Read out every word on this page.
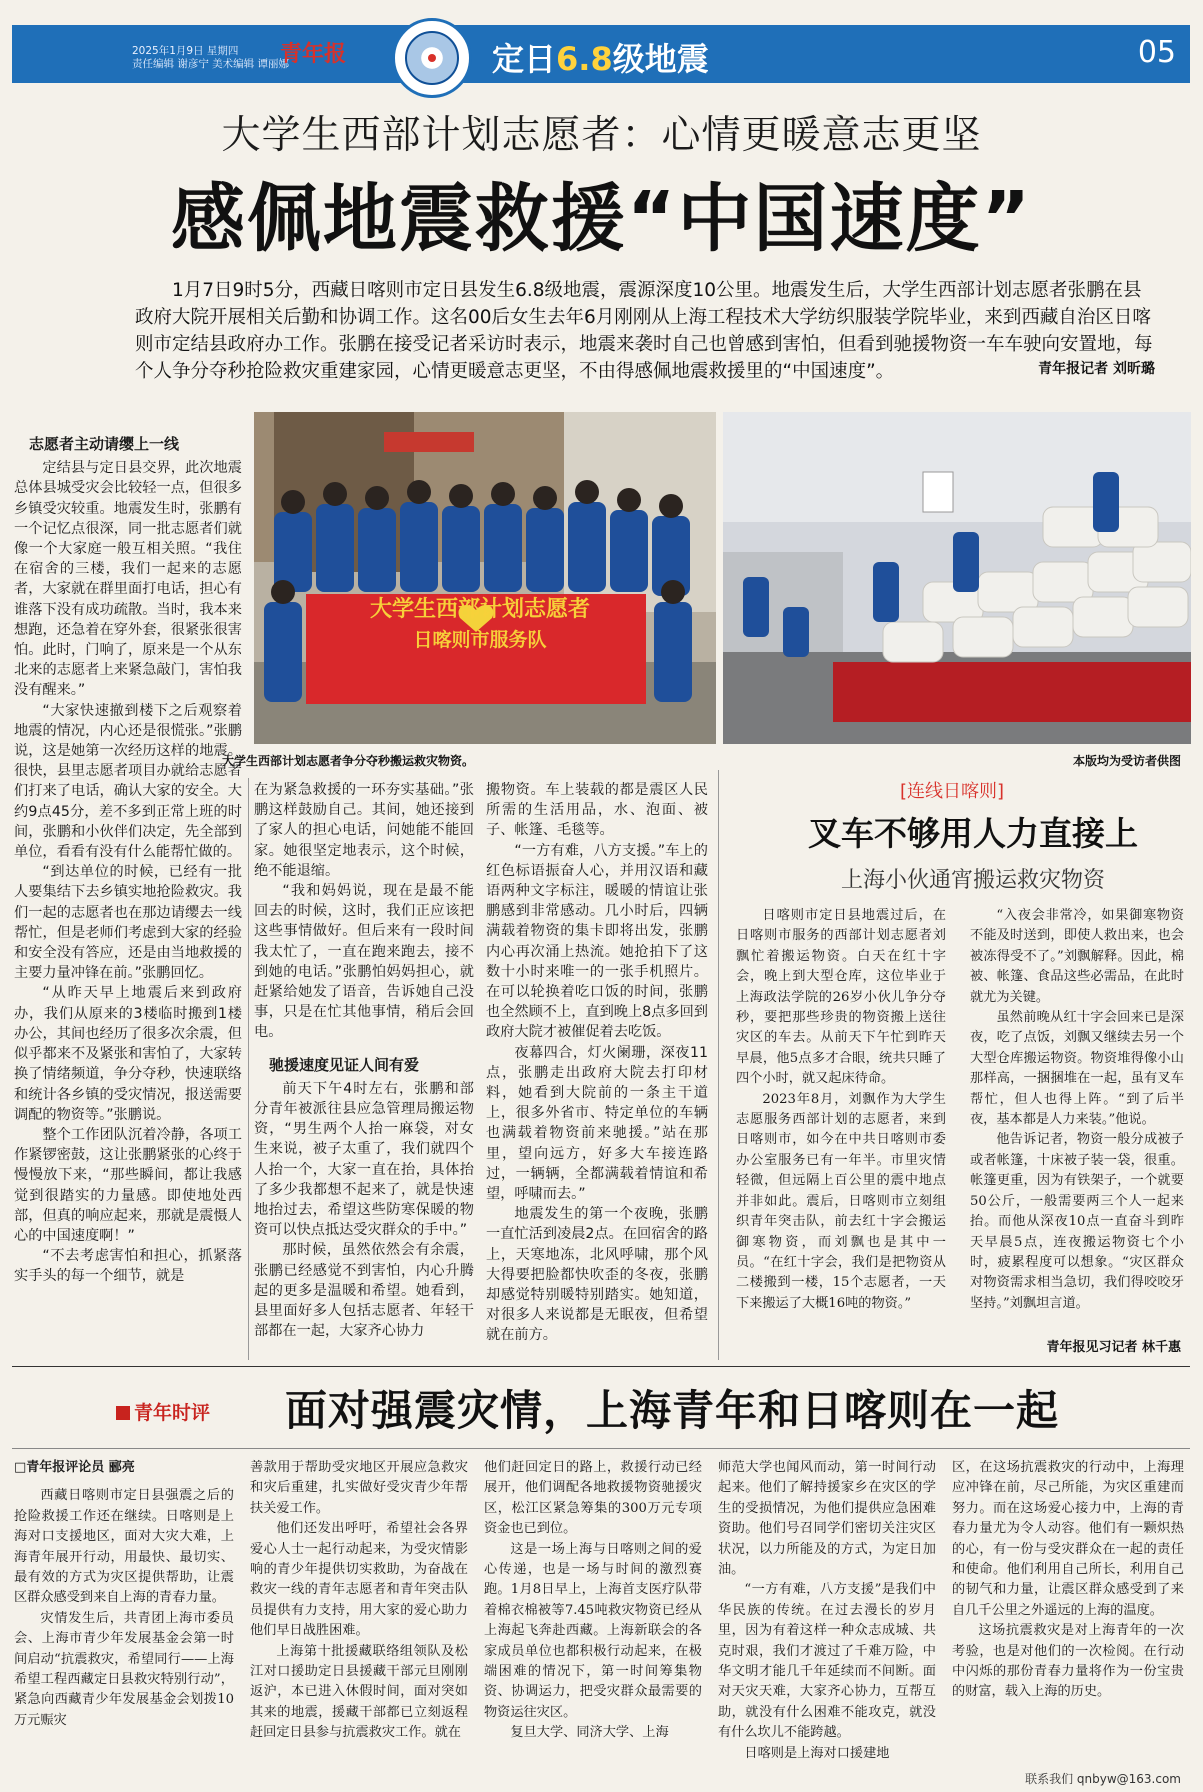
2025年1月9日 星期四
责任编辑 谢彦宁 美术编辑 谭丽娜
青年报	定日6.8级地震	05
大学生西部计划志愿者：心情更暖意志更坚
感佩地震救援“中国速度”
1月7日9时5分，西藏日喀则市定日县发生6.8级地震，震源深度10公里。地震发生后，大学生西部计划志愿者张鹏在县政府大院开展相关后勤和协调工作。这名00后女生去年6月刚刚从上海工程技术大学纺织服装学院毕业，来到西藏自治区日喀则市定结县政府办工作。张鹏在接受记者采访时表示，地震来袭时自己也曾感到害怕，但看到驰援物资一车车驶向安置地，每个人争分夺秒抢险救灾重建家园，心情更暖意志更坚，不由得感佩地震救援里的“中国速度”。	青年报记者 刘昕璐
大学生西部计划志愿者
日喀则市服务队
大学生西部计划志愿者争分夺秒搬运救灾物资。	本版均为受访者供图
志愿者主动请缨上一线

定结县与定日县交界，此次地震总体县城受灾会比较轻一点，但很多乡镇受灾较重。地震发生时，张鹏有一个记忆点很深，同一批志愿者们就像一个大家庭一般互相关照。“我住在宿舍的三楼，我们一起来的志愿者，大家就在群里面打电话，担心有谁落下没有成功疏散。当时，我本来想跑，还急着在穿外套，很紧张很害怕。此时，门响了，原来是一个从东北来的志愿者上来紧急敲门，害怕我没有醒来。”

“大家快速撤到楼下之后观察着地震的情况，内心还是很慌张。”张鹏说，这是她第一次经历这样的地震。很快，县里志愿者项目办就给志愿者们打来了电话，确认大家的安全。大约9点45分，差不多到正常上班的时间，张鹏和小伙伴们决定，先全部到单位，看看有没有什么能帮忙做的。

“到达单位的时候，已经有一批人要集结下去乡镇实地抢险救灾。我们一起的志愿者也在那边请缨去一线帮忙，但是老师们考虑到大家的经验和安全没有答应，还是由当地救援的主要力量冲锋在前。”张鹏回忆。

“从昨天早上地震后来到政府办，我们从原来的3楼临时搬到1楼办公，其间也经历了很多次余震，但似乎都来不及紧张和害怕了，大家转换了情绪频道，争分夺秒，快速联络和统计各乡镇的受灾情况，报送需要调配的物资等。”张鹏说。

整个工作团队沉着冷静，各项工作紧锣密鼓，这让张鹏紧张的心终于慢慢放下来，“那些瞬间，都让我感觉到很踏实的力量感。即使地处西部，但真的响应起来，那就是震慑人心的中国速度啊！”

“不去考虑害怕和担心，抓紧落实手头的每一个细节，就是

在为紧急救援的一环夯实基础。”张鹏这样鼓励自己。其间，她还接到了家人的担心电话，问她能不能回家。她很坚定地表示，这个时候，绝不能退缩。

“我和妈妈说，现在是最不能回去的时候，这时，我们正应该把这些事情做好。但后来有一段时间我太忙了，一直在跑来跑去，接不到她的电话。”张鹏怕妈妈担心，就赶紧给她发了语音，告诉她自己没事，只是在忙其他事情，稍后会回电。

驰援速度见证人间有爱

前天下午4时左右，张鹏和部分青年被派往县应急管理局搬运物资，“男生两个人抬一麻袋，对女生来说，被子太重了，我们就四个人抬一个，大家一直在抬，具体抬了多少我都想不起来了，就是快速地抬过去，希望这些防寒保暖的物资可以快点抵达受灾群众的手中。”

那时候，虽然依然会有余震，张鹏已经感觉不到害怕，内心升腾起的更多是温暖和希望。她看到，县里面好多人包括志愿者、年轻干部都在一起，大家齐心协力

搬物资。车上装载的都是震区人民所需的生活用品，水、泡面、被子、帐篷、毛毯等。

“一方有难，八方支援。”车上的红色标语振奋人心，并用汉语和藏语两种文字标注，暖暖的情谊让张鹏感到非常感动。几小时后，四辆满载着物资的集卡即将出发，张鹏内心再次涌上热流。她抢拍下了这数十小时来唯一的一张手机照片。在可以轮换着吃口饭的时间，张鹏也全然顾不上，直到晚上8点多回到政府大院才被催促着去吃饭。

夜幕四合，灯火阑珊，深夜11点，张鹏走出政府大院去打印材料，她看到大院前的一条主干道上，很多外省市、特定单位的车辆也满载着物资前来驰援。”站在那里，望向远方，好多大车接连路过，一辆辆，全都满载着情谊和希望，呼啸而去。”

地震发生的第一个夜晚，张鹏一直忙活到凌晨2点。在回宿舍的路上，天寒地冻，北风呼啸，那个风大得要把脸都快吹歪的冬夜，张鹏却感觉特别暖特别踏实。她知道，对很多人来说都是无眠夜，但希望就在前方。

[连线日喀则]
叉车不够用人力直接上
上海小伙通宵搬运救灾物资

日喀则市定日县地震过后，在日喀则市服务的西部计划志愿者刘飘忙着搬运物资。白天在红十字会，晚上到大型仓库，这位毕业于上海政法学院的26岁小伙儿争分夺秒，要把那些珍贵的物资搬上送往灾区的车去。从前天下午忙到昨天早晨，他5点多才合眼，统共只睡了四个小时，就又起床待命。

2023年8月，刘飘作为大学生志愿服务西部计划的志愿者，来到日喀则市，如今在中共日喀则市委办公室服务已有一年半。市里灾情轻微，但远隔上百公里的震中地点并非如此。震后，日喀则市立刻组织青年突击队，前去红十字会搬运御寒物资，而刘飘也是其中一员。“在红十字会，我们是把物资从二楼搬到一楼，15个志愿者，一天下来搬运了大概16吨的物资。”

“入夜会非常冷，如果御寒物资不能及时送到，即使人救出来，也会被冻得受不了。”刘飘解释。因此，棉被、帐篷、食品这些必需品，在此时就尤为关键。

虽然前晚从红十字会回来已是深夜，吃了点饭，刘飘又继续去另一个大型仓库搬运物资。物资堆得像小山那样高，一捆捆堆在一起，虽有叉车帮忙，但人也得上阵。“到了后半夜，基本都是人力来装。”他说。

他告诉记者，物资一般分成被子或者帐篷，十床被子装一袋，很重。帐篷更重，因为有铁架子，一个就要50公斤，一般需要两三个人一起来抬。而他从深夜10点一直奋斗到昨天早晨5点，连夜搬运物资七个小时，疲累程度可以想象。“灾区群众对物资需求相当急切，我们得咬咬牙坚持。”刘飘坦言道。

青年报见习记者 林千惠
青年时评 面对强震灾情，上海青年和日喀则在一起
□青年报评论员 郦亮

西藏日喀则市定日县强震之后的抢险救援工作还在继续。日喀则是上海对口支援地区，面对大灾大难，上海青年展开行动，用最快、最切实、最有效的方式为灾区提供帮助，让震区群众感受到来自上海的青春力量。

灾情发生后，共青团上海市委员会、上海市青少年发展基金会第一时间启动“抗震救灾，希望同行——上海希望工程西藏定日县救灾特别行动”，紧急向西藏青少年发展基金会划拨10万元赈灾

善款用于帮助受灾地区开展应急救灾和灾后重建，扎实做好受灾青少年帮扶关爱工作。

他们还发出呼吁，希望社会各界爱心人士一起行动起来，为受灾情影响的青少年提供切实救助，为奋战在救灾一线的青年志愿者和青年突击队员提供有力支持，用大家的爱心助力他们早日战胜困难。

上海第十批援藏联络组领队及松江对口援助定日县援藏干部元旦刚刚返沪，本已进入休假时间，面对突如其来的地震，援藏干部都已立刻返程赶回定日县参与抗震救灾工作。就在

他们赶回定日的路上，救援行动已经展开，他们调配各地救援物资驰援灾区，松江区紧急筹集的300万元专项资金也已到位。

这是一场上海与日喀则之间的爱心传递，也是一场与时间的激烈赛跑。1月8日早上，上海首支医疗队带着棉衣棉被等7.45吨救灾物资已经从上海起飞奔赴西藏。上海新联会的各家成员单位也都积极行动起来，在极端困难的情况下，第一时间筹集物资、协调运力，把受灾群众最需要的物资运往灾区。

复旦大学、同济大学、上海

师范大学也闻风而动，第一时间行动起来。他们了解持援家乡在灾区的学生的受损情况，为他们提供应急困难资助。他们号召同学们密切关注灾区状况，以力所能及的方式，为定日加油。

“一方有难，八方支援”是我们中华民族的传统。在过去漫长的岁月里，因为有着这样一种众志成城、共克时艰，我们才渡过了千难万险，中华文明才能几千年延续而不间断。面对天灾天难，大家齐心协力，互帮互助，就没有什么困难不能攻克，就没有什么坎儿不能跨越。

日喀则是上海对口援建地

区，在这场抗震救灾的行动中，上海理应冲锋在前，尽己所能，为灾区重建而努力。而在这场爱心接力中，上海的青春力量尤为令人动容。他们有一颗炽热的心，有一份与受灾群众在一起的责任和使命。他们利用自己所长，利用自己的韧气和力量，让震区群众感受到了来自几千公里之外遥远的上海的温度。

这场抗震救灾是对上海青年的一次考验，也是对他们的一次检阅。在行动中闪烁的那份青春力量将作为一份宝贵的财富，载入上海的历史。

联系我们 qnbyw@163.com
